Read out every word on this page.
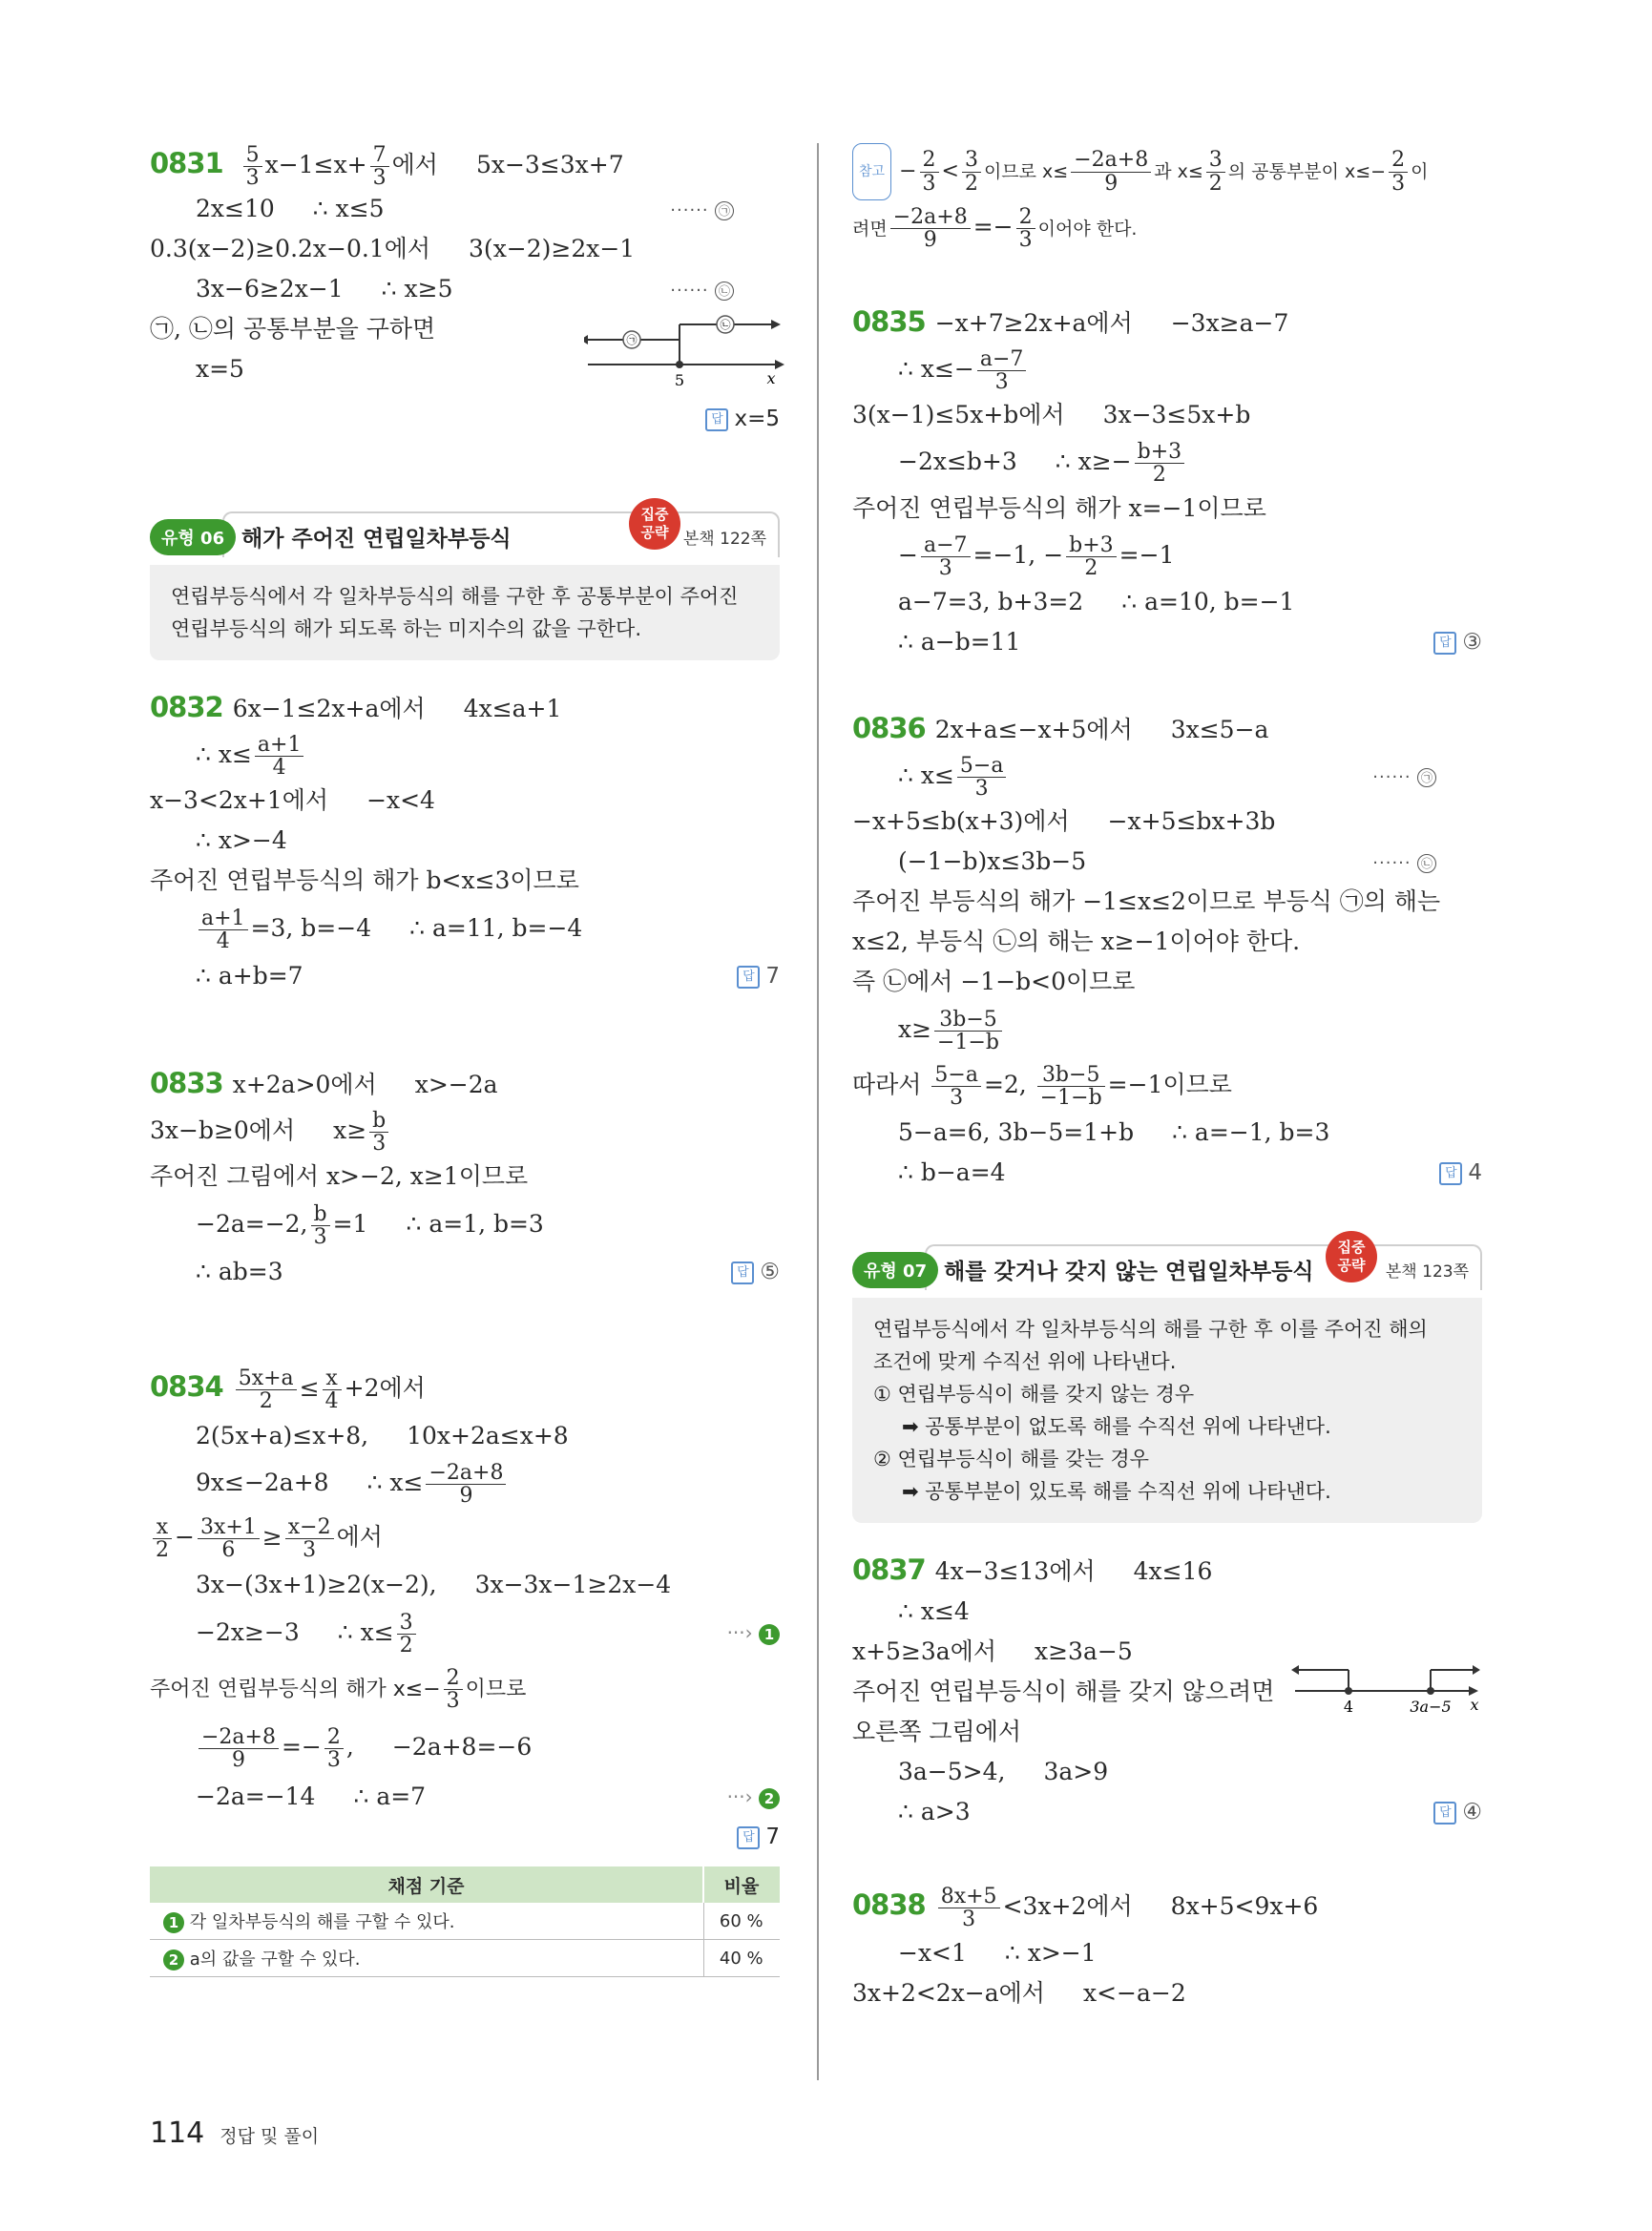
$0831 \frac{5}{3} x-1\le x+ \frac{7}{3}$ 에서 5x−3≤3x+7
2x≤10 ∴ x≤5	······ ㉠
0.3(x−2)≥0.2x−0.1에서 3(x−2)≥2x−1
3x−6≥2x−1 ∴ x≥5	······ ㉡
㉠, ㉡의 공통부분을 구하면
x=5
㉠
㉡
5	x
답 x=5
유형 06 해가 주어진 연립일차부등식
집중
공략 본책 122쪽
연립부등식에서 각 일차부등식의 해를 구한 후 공통부분이 주어진
연립부등식의 해가 되도록 하는 미지수의 값을 구한다.
0832 6x−1≤2x+a에서 4x≤a+1
∴ $x\le \frac{a+1}{4}$
x−3<2x+1에서 −x<4
∴ x>−4
주어진 연립부등식의 해가 b<x≤3이므로
$\frac{a+1}{4} =3$, b=−4 ∴ a=11, b=−4
∴ a+b=7	답 7
0833 x+2a>0에서 x>−2a
3x−b≥0에서 $x\ge \frac{b}{3}$
주어진 그림에서 x>−2, x≥1이므로
−2a=−2, $\frac{b}{3} =1$ ∴ a=1, b=3
∴ ab=3	답 ⑤
$0834 \frac{5x+a}{2} \le \frac{x}{4} +2$에서
2(5x+a)≤x+8, 10x+2a≤x+8
9x≤−2a+8 ∴ $x\le \frac{-2a+8}{9}$
$\frac{x}{2} - \frac{3x+1}{6} \ge \frac{x-2}{3}$ 에서
3x−(3x+1)≥2(x−2), 3x−3x−1≥2x−4
−2x≥−3 ∴ $x\le \frac{3}{2}$	···› 1
주어진 연립부등식의 해가 $x\le- \frac{2}{3}$ 이므로
$\frac{-2a+8}{9} =- \frac{2}{3}$ , −2a+8=−6
−2a=−14 ∴ a=7	···› 2
답 7
채점 기준	비율
1 각 일차부등식의 해를 구할 수 있다.	60 %
2 a의 값을 구할 수 있다.	40 %
참고 − $\frac{2}{3} < \frac{3}{2}$ 이므로 $x\le \frac{-2a+8}{9}$ 과 $x\le \frac{3}{2}$ 의 공통부분이 $x\le- \frac{2}{3}$ 이
려면 $\frac{-2a+8}{9} =- \frac{2}{3}$ 이어야 한다.
0835 −x+7≥2x+a에서 −3x≥a−7
∴ $x\le- \frac{a-7}{3}$
3(x−1)≤5x+b에서 3x−3≤5x+b
−2x≤b+3 ∴ $x\ge- \frac{b+3}{2}$
주어진 연립부등식의 해가 x=−1이므로
− $\frac{a-7}{3} =-1$, − $\frac{b+3}{2} =-1$
a−7=3, b+3=2 ∴ a=10, b=−1
∴ a−b=11	답 ③
0836 2x+a≤−x+5에서 3x≤5−a
∴ $x\le \frac{5-a}{3}$	······ ㉠
−x+5≤b(x+3)에서 −x+5≤bx+3b
(−1−b)x≤3b−5	······ ㉡
주어진 부등식의 해가 −1≤x≤2이므로 부등식 ㉠의 해는
x≤2, 부등식 ㉡의 해는 x≥−1이어야 한다.
즉 ㉡에서 −1−b<0이므로
$x\ge \frac{3b-5}{-1-b}$
따라서 $\frac{5-a}{3} =2$, $\frac{3b-5}{-1-b} =-1$이므로
5−a=6, 3b−5=1+b ∴ a=−1, b=3
∴ b−a=4	답 4
유형 07 해를 갖거나 갖지 않는 연립일차부등식
집중
공략	본책 123쪽
연립부등식에서 각 일차부등식의 해를 구한 후 이를 주어진 해의
조건에 맞게 수직선 위에 나타낸다.
① 연립부등식이 해를 갖지 않는 경우
➡ 공통부분이 없도록 해를 수직선 위에 나타낸다.
② 연립부등식이 해를 갖는 경우
➡ 공통부분이 있도록 해를 수직선 위에 나타낸다.
0837 4x−3≤13에서 4x≤16
∴ x≤4
x+5≥3a에서 x≥3a−5
주어진 연립부등식이 해를 갖지 않으려면
오른쪽 그림에서
3a−5>4, 3a>9
∴ a>3	답 ④
4	3a−5 x
$0838 \frac{8x+5}{3} <3x+2$에서 8x+5<9x+6
−x<1 ∴ x>−1
3x+2<2x−a에서 x<−a−2
114 정답 및 풀이
